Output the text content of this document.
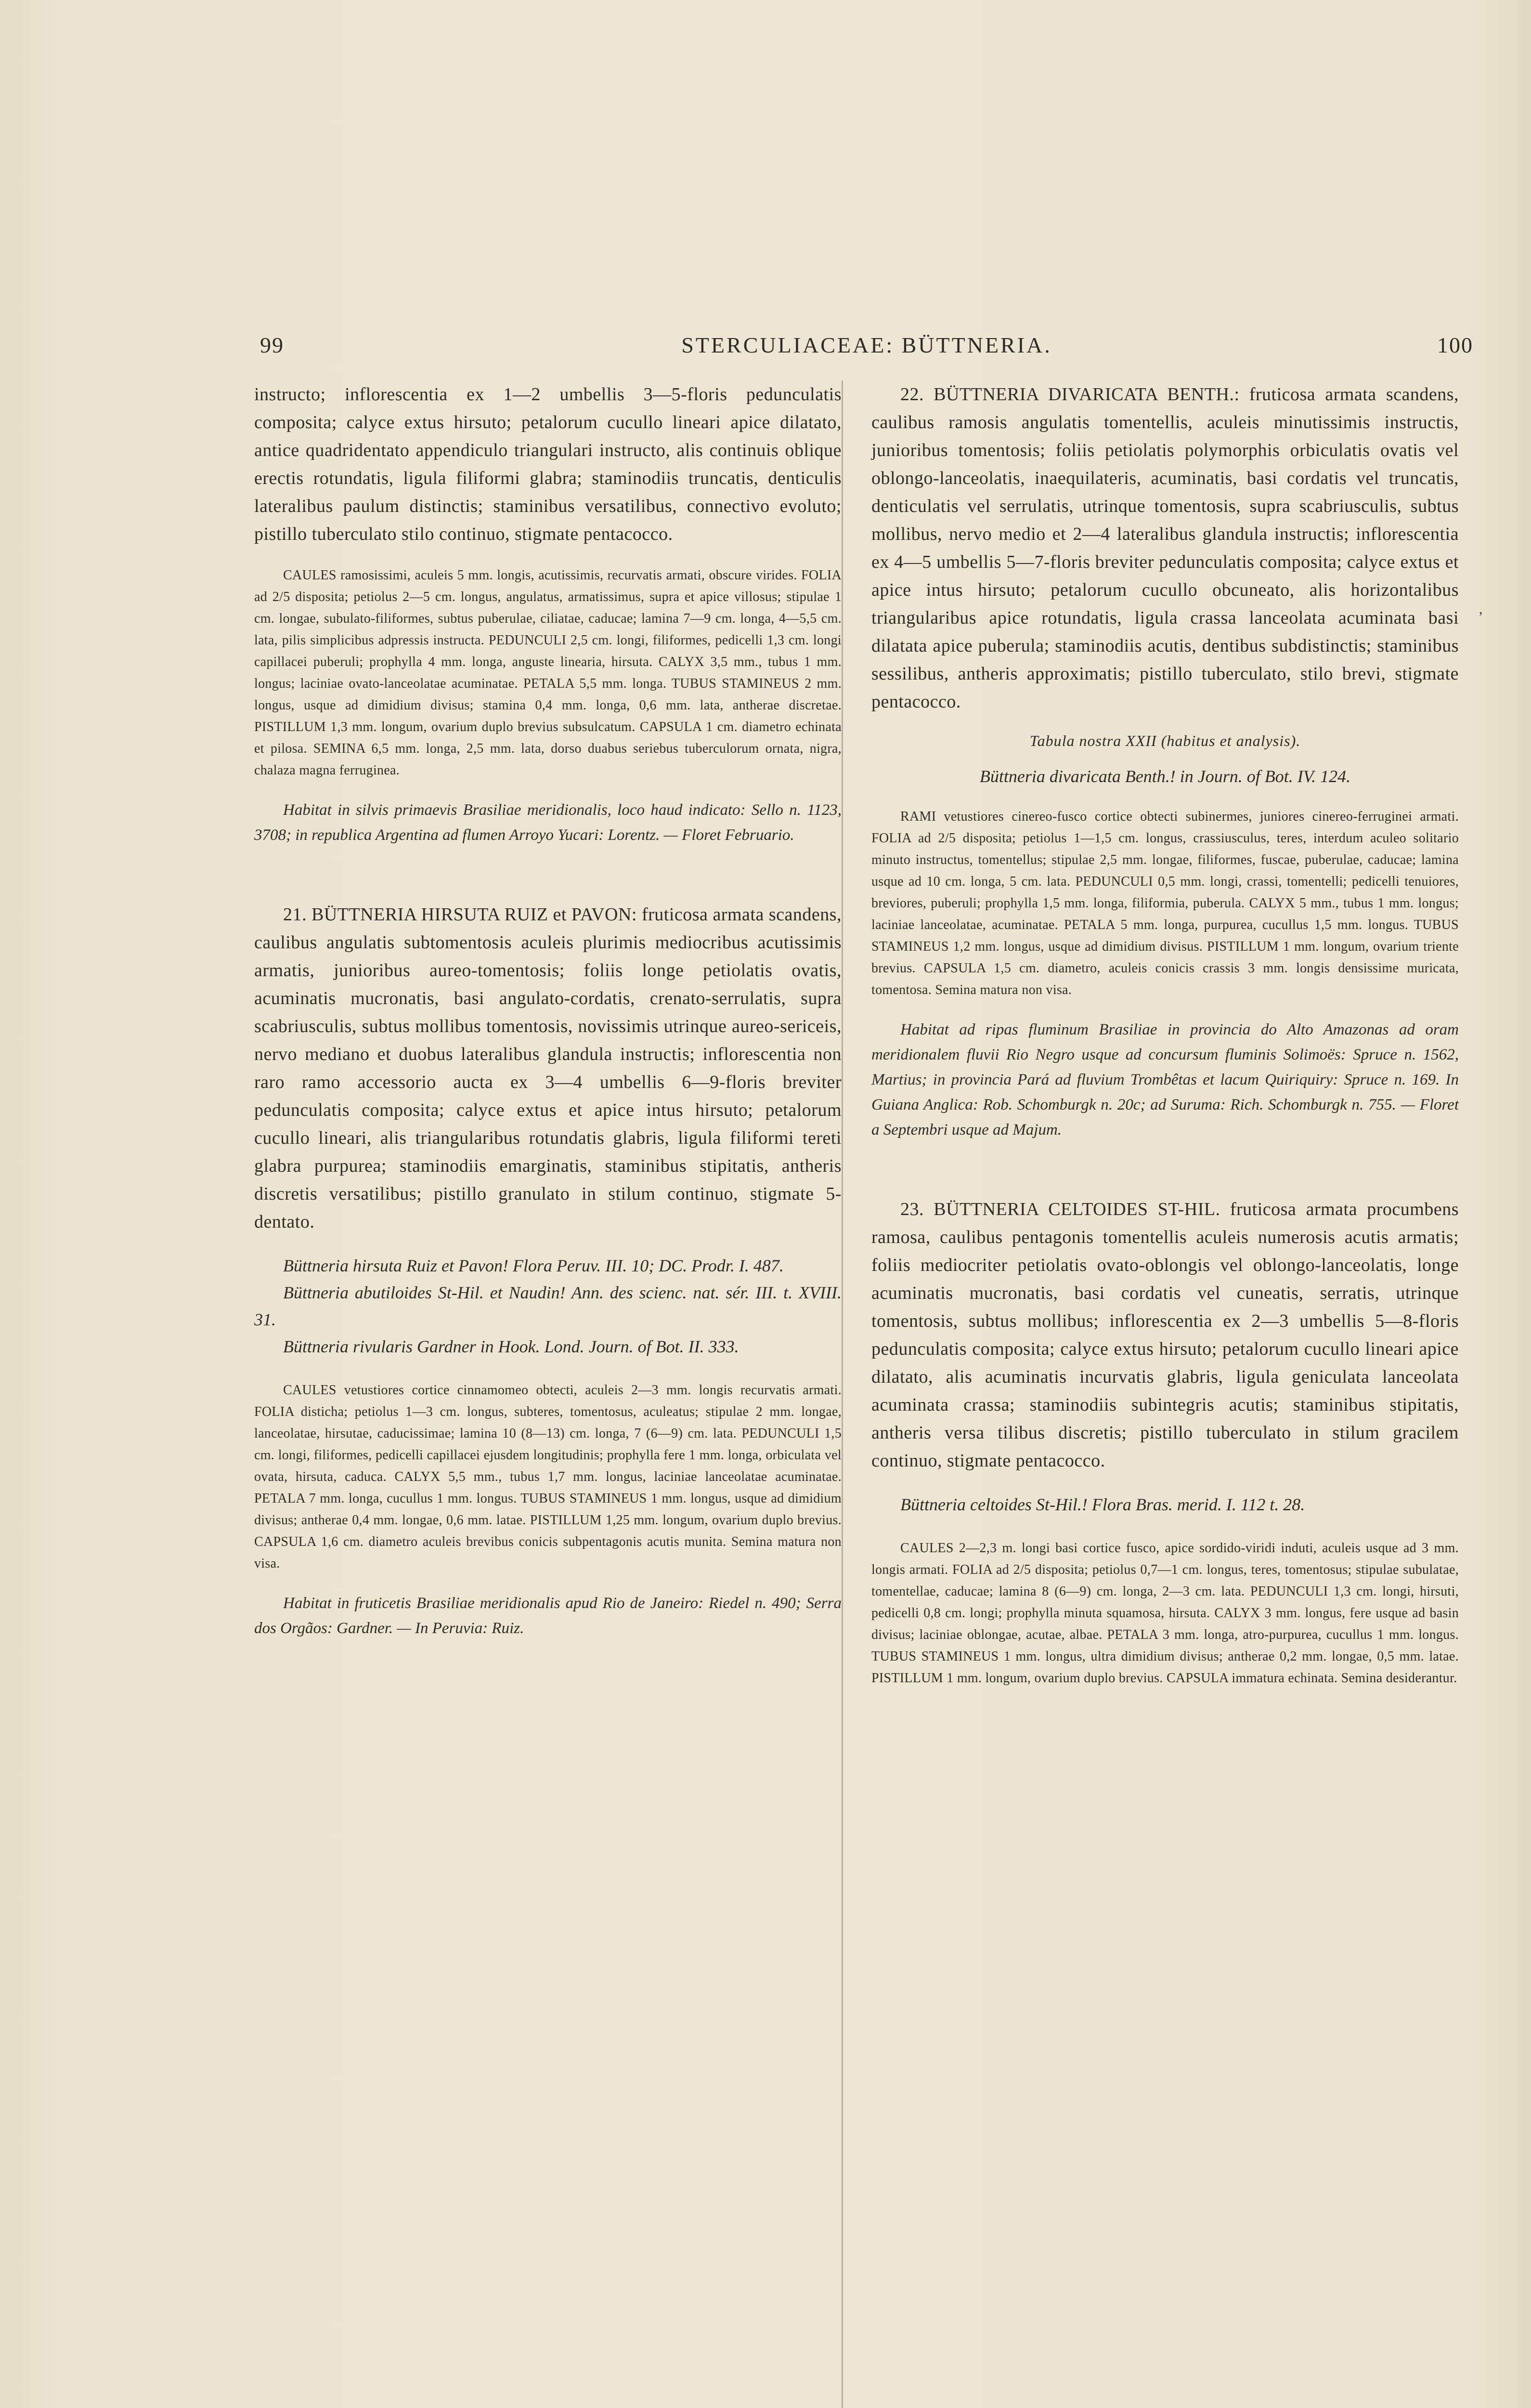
99	STERCULIACEAE: BÜTTNERIA.	100

instructo; inflorescentia ex 1—2 umbellis 3—5-floris pedunculatis composita; calyce extus hirsuto; petalorum cucullo lineari apice dilatato, antice quadridentato appendiculo triangulari instructo, alis continuis oblique erectis rotundatis, ligula filiformi glabra; staminodiis truncatis, denticulis lateralibus paulum distinctis; staminibus versatilibus, connectivo evoluto; pistillo tuberculato stilo continuo, stigmate pentacocco.

CAULES ramosissimi, aculeis 5 mm. longis, acutissimis, recurvatis armati, obscure virides. FOLIA ad 2/5 disposita; petiolus 2—5 cm. longus, angulatus, armatissimus, supra et apice villosus; stipulae 1 cm. longae, subulato-filiformes, subtus puberulae, ciliatae, caducae; lamina 7—9 cm. longa, 4—5,5 cm. lata, pilis simplicibus adpressis instructa. PEDUNCULI 2,5 cm. longi, filiformes, pedicelli 1,3 cm. longi capillacei puberuli; prophylla 4 mm. longa, anguste linearia, hirsuta. CALYX 3,5 mm., tubus 1 mm. longus; laciniae ovato-lanceolatae acuminatae. PETALA 5,5 mm. longa. TUBUS STAMINEUS 2 mm. longus, usque ad dimidium divisus; stamina 0,4 mm. longa, 0,6 mm. lata, antherae discretae. PISTILLUM 1,3 mm. longum, ovarium duplo brevius subsulcatum. CAPSULA 1 cm. diametro echinata et pilosa. SEMINA 6,5 mm. longa, 2,5 mm. lata, dorso duabus seriebus tuberculorum ornata, nigra, chalaza magna ferruginea.

Habitat in silvis primaevis Brasiliae meridionalis, loco haud indicato: Sello n. 1123, 3708; in republica Argentina ad flumen Arroyo Yucari: Lorentz. — Floret Februario.

21. BÜTTNERIA HIRSUTA RUIZ et PAVON: fruticosa armata scandens, caulibus angulatis subtomentosis aculeis plurimis mediocribus acutissimis armatis, junioribus aureo-tomentosis; foliis longe petiolatis ovatis, acuminatis mucronatis, basi angulato-cordatis, crenato-serrulatis, supra scabriusculis, subtus mollibus tomentosis, novissimis utrinque aureo-sericeis, nervo mediano et duobus lateralibus glandula instructis; inflorescentia non raro ramo accessorio aucta ex 3—4 umbellis 6—9-floris breviter pedunculatis composita; calyce extus et apice intus hirsuto; petalorum cucullo lineari, alis triangularibus rotundatis glabris, ligula filiformi tereti glabra purpurea; staminodiis emarginatis, staminibus stipitatis, antheris discretis versatilibus; pistillo granulato in stilum continuo, stigmate 5-dentato.

Büttneria hirsuta Ruiz et Pavon! Flora Peruv. III. 10; DC. Prodr. I. 487.

Büttneria abutiloides St-Hil. et Naudin! Ann. des scienc. nat. sér. III. t. XVIII. 31.

Büttneria rivularis Gardner in Hook. Lond. Journ. of Bot. II. 333.

CAULES vetustiores cortice cinnamomeo obtecti, aculeis 2—3 mm. longis recurvatis armati. FOLIA disticha; petiolus 1—3 cm. longus, subteres, tomentosus, aculeatus; stipulae 2 mm. longae, lanceolatae, hirsutae, caducissimae; lamina 10 (8—13) cm. longa, 7 (6—9) cm. lata. PEDUNCULI 1,5 cm. longi, filiformes, pedicelli capillacei ejusdem longitudinis; prophylla fere 1 mm. longa, orbiculata vel ovata, hirsuta, caduca. CALYX 5,5 mm., tubus 1,7 mm. longus, laciniae lanceolatae acuminatae. PETALA 7 mm. longa, cucullus 1 mm. longus. TUBUS STAMINEUS 1 mm. longus, usque ad dimidium divisus; antherae 0,4 mm. longae, 0,6 mm. latae. PISTILLUM 1,25 mm. longum, ovarium duplo brevius. CAPSULA 1,6 cm. diametro aculeis brevibus conicis subpentagonis acutis munita. Semina matura non visa.

Habitat in fruticetis Brasiliae meridionalis apud Rio de Janeiro: Riedel n. 490; Serra dos Orgãos: Gardner. — In Peruvia: Ruiz.

22. BÜTTNERIA DIVARICATA BENTH.: fruticosa armata scandens, caulibus ramosis angulatis tomentellis, aculeis minutissimis instructis, junioribus tomentosis; foliis petiolatis polymorphis orbiculatis ovatis vel oblongo-lanceolatis, inaequilateris, acuminatis, basi cordatis vel truncatis, denticulatis vel serrulatis, utrinque tomentosis, supra scabriusculis, subtus mollibus, nervo medio et 2—4 lateralibus glandula instructis; inflorescentia ex 4—5 umbellis 5—7-floris breviter pedunculatis composita; calyce extus et apice intus hirsuto; petalorum cucullo obcuneato, alis horizontalibus triangularibus apice rotundatis, ligula crassa lanceolata acuminata basi dilatata apice puberula; staminodiis acutis, dentibus subdistinctis; staminibus sessilibus, antheris approximatis; pistillo tuberculato, stilo brevi, stigmate pentacocco.

Tabula nostra XXII (habitus et analysis).

Büttneria divaricata Benth.! in Journ. of Bot. IV. 124.

RAMI vetustiores cinereo-fusco cortice obtecti subinermes, juniores cinereo-ferruginei armati. FOLIA ad 2/5 disposita; petiolus 1—1,5 cm. longus, crassiusculus, teres, interdum aculeo solitario minuto instructus, tomentellus; stipulae 2,5 mm. longae, filiformes, fuscae, puberulae, caducae; lamina usque ad 10 cm. longa, 5 cm. lata. PEDUNCULI 0,5 mm. longi, crassi, tomentelli; pedicelli tenuiores, breviores, puberuli; prophylla 1,5 mm. longa, filiformia, puberula. CALYX 5 mm., tubus 1 mm. longus; laciniae lanceolatae, acuminatae. PETALA 5 mm. longa, purpurea, cucullus 1,5 mm. longus. TUBUS STAMINEUS 1,2 mm. longus, usque ad dimidium divisus. PISTILLUM 1 mm. longum, ovarium triente brevius. CAPSULA 1,5 cm. diametro, aculeis conicis crassis 3 mm. longis densissime muricata, tomentosa. Semina matura non visa.

Habitat ad ripas fluminum Brasiliae in provincia do Alto Amazonas ad oram meridionalem fluvii Rio Negro usque ad concursum fluminis Solimoës: Spruce n. 1562, Martius; in provincia Pará ad fluvium Trombêtas et lacum Quiriquiry: Spruce n. 169. In Guiana Anglica: Rob. Schomburgk n. 20c; ad Suruma: Rich. Schomburgk n. 755. — Floret a Septembri usque ad Majum.

23. BÜTTNERIA CELTOIDES ST-HIL. fruticosa armata procumbens ramosa, caulibus pentagonis tomentellis aculeis numerosis acutis armatis; foliis mediocriter petiolatis ovato-oblongis vel oblongo-lanceolatis, longe acuminatis mucronatis, basi cordatis vel cuneatis, serratis, utrinque tomentosis, subtus mollibus; inflorescentia ex 2—3 umbellis 5—8-floris pedunculatis composita; calyce extus hirsuto; petalorum cucullo lineari apice dilatato, alis acuminatis incurvatis glabris, ligula geniculata lanceolata acuminata crassa; staminodiis subintegris acutis; staminibus stipitatis, antheris versa tilibus discretis; pistillo tuberculato in stilum gracilem continuo, stigmate pentacocco.

Büttneria celtoides St-Hil.! Flora Bras. merid. I. 112 t. 28.

CAULES 2—2,3 m. longi basi cortice fusco, apice sordido-viridi induti, aculeis usque ad 3 mm. longis armati. FOLIA ad 2/5 disposita; petiolus 0,7—1 cm. longus, teres, tomentosus; stipulae subulatae, tomentellae, caducae; lamina 8 (6—9) cm. longa, 2—3 cm. lata. PEDUNCULI 1,3 cm. longi, hirsuti, pedicelli 0,8 cm. longi; prophylla minuta squamosa, hirsuta. CALYX 3 mm. longus, fere usque ad basin divisus; laciniae oblongae, acutae, albae. PETALA 3 mm. longa, atro-purpurea, cucullus 1 mm. longus. TUBUS STAMINEUS 1 mm. longus, ultra dimidium divisus; antherae 0,2 mm. longae, 0,5 mm. latae. PISTILLUM 1 mm. longum, ovarium duplo brevius. CAPSULA immatura echinata. Semina desiderantur.

,
